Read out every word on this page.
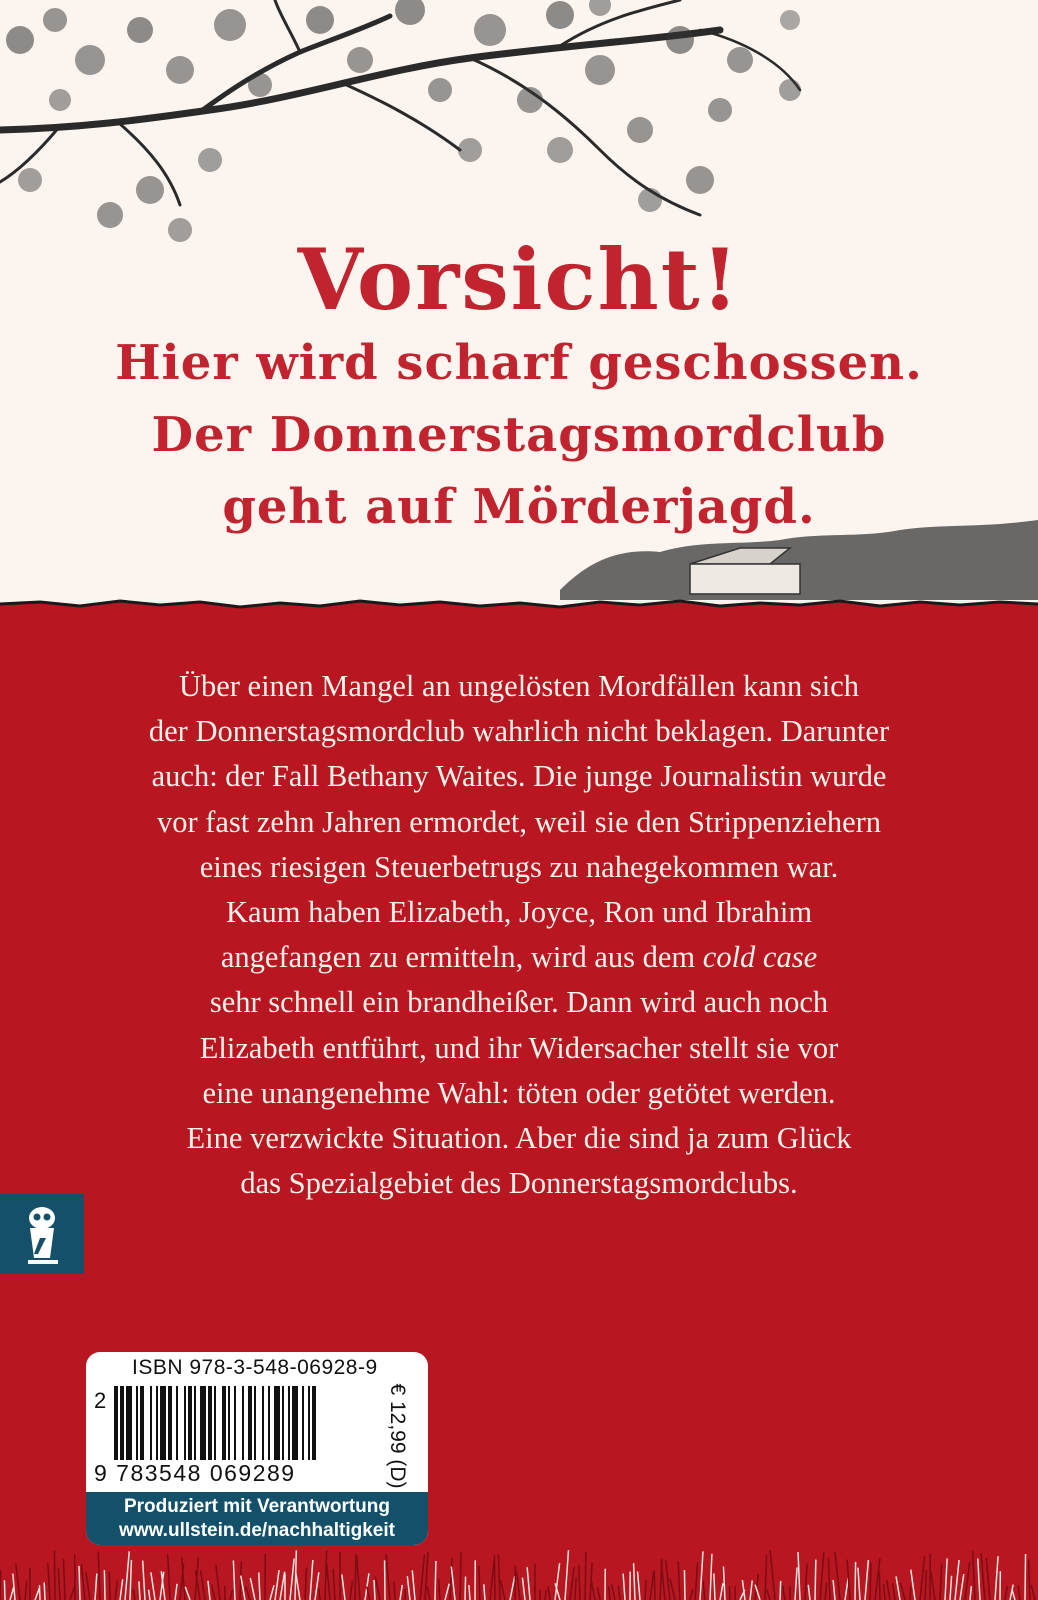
Vorsicht!
Hier wird scharf geschossen.
Der Donnerstagsmordclub
geht auf Mörderjagd.
Über einen Mangel an ungelösten Mordfällen kann sich
der Donnerstagsmordclub wahrlich nicht beklagen. Darunter
auch: der Fall Bethany Waites. Die junge Journalistin wurde
vor fast zehn Jahren ermordet, weil sie den Strippenziehern
eines riesigen Steuerbetrugs zu nahegekommen war.
Kaum haben Elizabeth, Joyce, Ron und Ibrahim
angefangen zu ermitteln, wird aus dem cold case
sehr schnell ein brandheißer. Dann wird auch noch
Elizabeth entführt, und ihr Widersacher stellt sie vor
eine unangenehme Wahl: töten oder getötet werden.
Eine verzwickte Situation. Aber die sind ja zum Glück
das Spezialgebiet des Donnerstagsmordclubs.
ISBN 978-3-548-06928-9
2
9 783548 069289	€ 12,99 (D)
Produziert mit Verantwortung
www.ullstein.de/nachhaltigkeit
